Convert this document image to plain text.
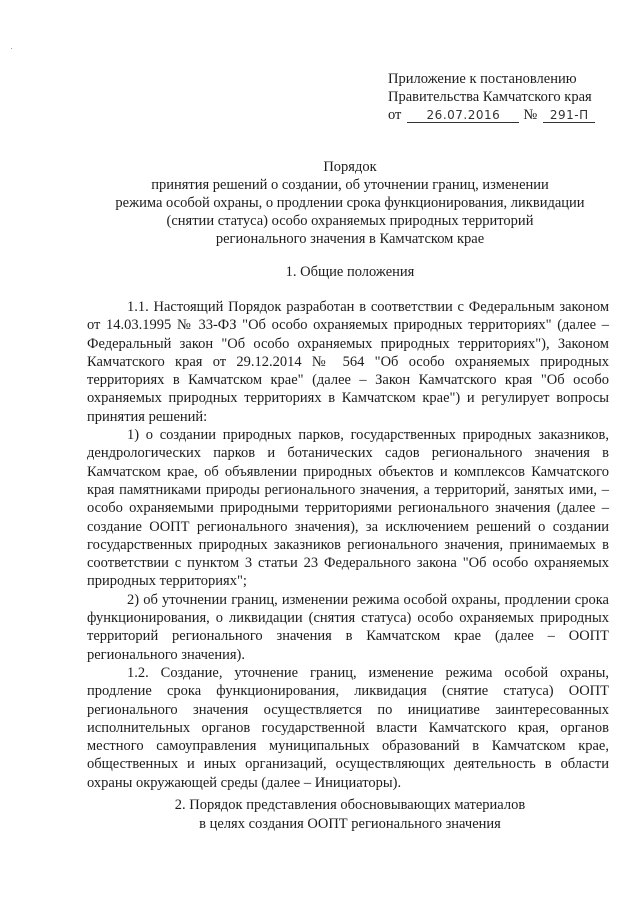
Приложение к постановлению
Правительства Камчатского края
от 26.07.2016 № 291-П
Порядок
принятия решений о создании, об уточнении границ, изменении
режима особой охраны, о продлении срока функционирования, ликвидации
(снятии статуса) особо охраняемых природных территорий
регионального значения в Камчатском крае
1. Общие положения

1.1. Настоящий Порядок разработан в соответствии с Федеральным законом от 14.03.1995 № 33-ФЗ "Об особо охраняемых природных территориях" (далее – Федеральный закон "Об особо охраняемых природных территориях"), Законом Камчатского края от 29.12.2014 № 564 "Об особо охраняемых природных территориях в Камчатском крае" (далее – Закон Камчатского края "Об особо охраняемых природных территориях в Камчатском крае") и регулирует вопросы принятия решений:

1) о создании природных парков, государственных природных заказников, дендрологических парков и ботанических садов регионального значения в Камчатском крае, об объявлении природных объектов и комплексов Камчатского края памятниками природы регионального значения, а территорий, занятых ими, – особо охраняемыми природными территориями регионального значения (далее – создание ООПТ регионального значения), за исключением решений о создании государственных природных заказников регионального значения, принимаемых в соответствии с пунктом 3 статьи 23 Федерального закона "Об особо охраняемых природных территориях";

2) об уточнении границ, изменении режима особой охраны, продлении срока функционирования, о ликвидации (снятия статуса) особо охраняемых природных территорий регионального значения в Камчатском крае (далее – ООПТ регионального значения).

1.2. Создание, уточнение границ, изменение режима особой охраны, продление срока функционирования, ликвидация (снятие статуса) ООПТ регионального значения осуществляется по инициативе заинтересованных исполнительных органов государственной власти Камчатского края, органов местного самоуправления муниципальных образований в Камчатском крае, общественных и иных организаций, осуществляющих деятельность в области охраны окружающей среды (далее – Инициаторы).

2. Порядок представления обосновывающих материалов
в целях создания ООПТ регионального значения
